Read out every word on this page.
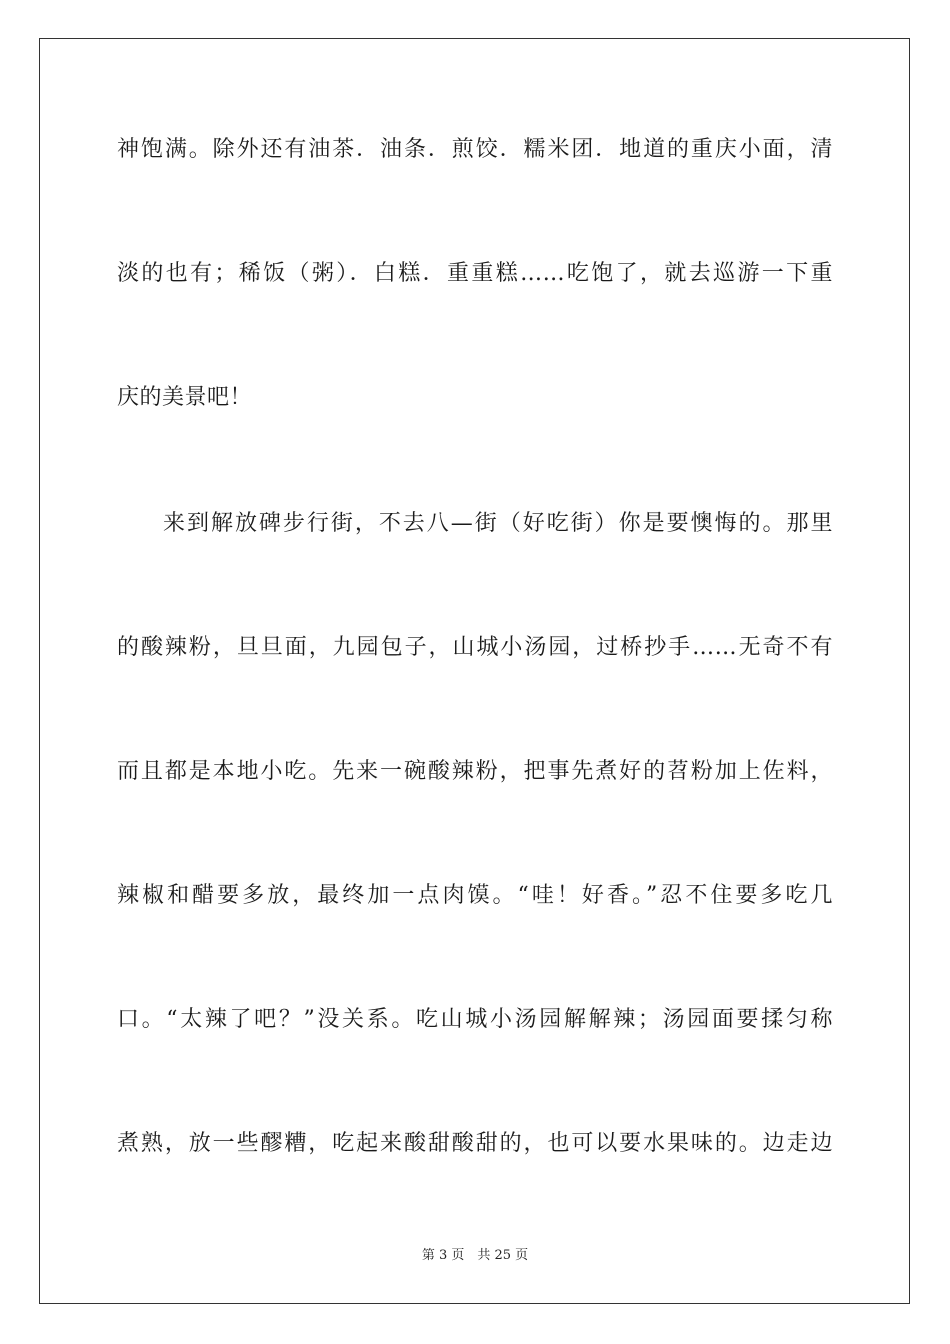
神饱满。除外还有油茶．油条．煎饺．糯米团．地道的重庆小面，清
淡的也有；稀饭（粥）．白糕．重重糕……吃饱了，就去巡游一下重
庆的美景吧！
来到解放碑步行街，不去八—街（好吃街）你是要懊悔的。那里
的酸辣粉，旦旦面，九园包子，山城小汤园，过桥抄手……无奇不有
而且都是本地小吃。先来一碗酸辣粉，把事先煮好的苕粉加上佐料，
辣椒和醋要多放，最终加一点肉馍。“哇！好香。”忍不住要多吃几
口。“太辣了吧？”没关系。吃山城小汤园解解辣；汤园面要揉匀称
煮熟，放一些醪糟，吃起来酸甜酸甜的，也可以要水果味的。边走边
第 3 页　共 25 页
